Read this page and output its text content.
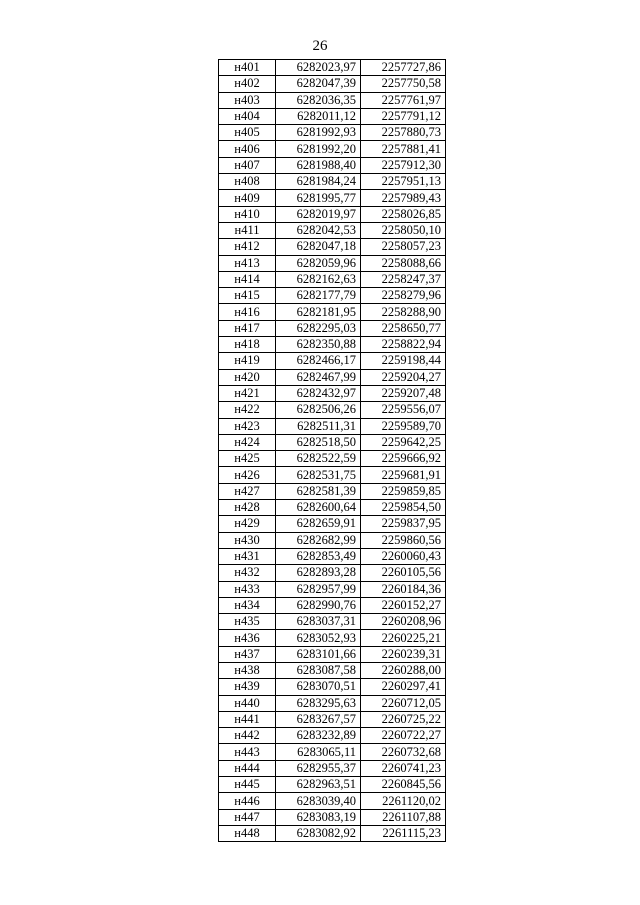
26
н401	6282023,97	2257727,86
н402	6282047,39	2257750,58
н403	6282036,35	2257761,97
н404	6282011,12	2257791,12
н405	6281992,93	2257880,73
н406	6281992,20	2257881,41
н407	6281988,40	2257912,30
н408	6281984,24	2257951,13
н409	6281995,77	2257989,43
н410	6282019,97	2258026,85
н411	6282042,53	2258050,10
н412	6282047,18	2258057,23
н413	6282059,96	2258088,66
н414	6282162,63	2258247,37
н415	6282177,79	2258279,96
н416	6282181,95	2258288,90
н417	6282295,03	2258650,77
н418	6282350,88	2258822,94
н419	6282466,17	2259198,44
н420	6282467,99	2259204,27
н421	6282432,97	2259207,48
н422	6282506,26	2259556,07
н423	6282511,31	2259589,70
н424	6282518,50	2259642,25
н425	6282522,59	2259666,92
н426	6282531,75	2259681,91
н427	6282581,39	2259859,85
н428	6282600,64	2259854,50
н429	6282659,91	2259837,95
н430	6282682,99	2259860,56
н431	6282853,49	2260060,43
н432	6282893,28	2260105,56
н433	6282957,99	2260184,36
н434	6282990,76	2260152,27
н435	6283037,31	2260208,96
н436	6283052,93	2260225,21
н437	6283101,66	2260239,31
н438	6283087,58	2260288,00
н439	6283070,51	2260297,41
н440	6283295,63	2260712,05
н441	6283267,57	2260725,22
н442	6283232,89	2260722,27
н443	6283065,11	2260732,68
н444	6282955,37	2260741,23
н445	6282963,51	2260845,56
н446	6283039,40	2261120,02
н447	6283083,19	2261107,88
н448	6283082,92	2261115,23
